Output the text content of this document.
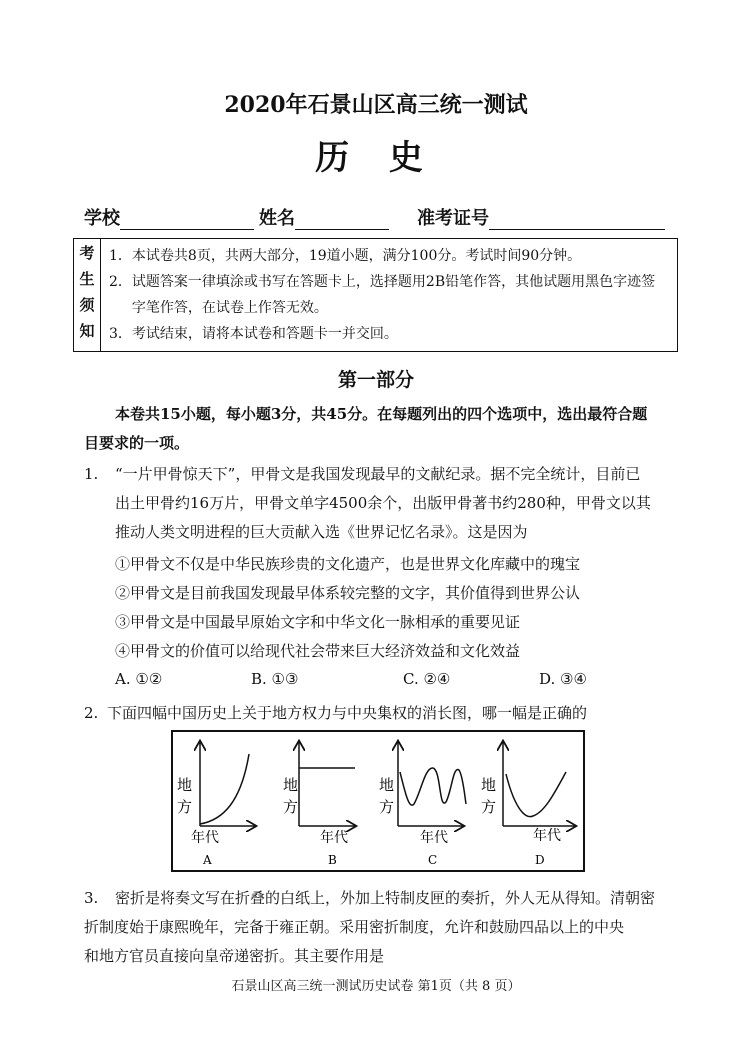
2020年石景山区高三统一测试
历 史
学校	姓名	准考证号
考
生
须
知

1． 本试卷共8页，共两大部分，19道小题，满分100分。考试时间90分钟。
2． 试题答案一律填涂或书写在答题卡上，选择题用2B铅笔作答，其他试题用黑色字迹签字笔作答，在试卷上作答无效。
3． 考试结束，请将本试卷和答题卡一并交回。
第一部分
本卷共15小题，每小题3分，共45分。在每题列出的四个选项中，选出最符合题
目要求的一项。
1. “一片甲骨惊天下”，甲骨文是我国发现最早的文献纪录。据不完全统计，目前已
出土甲骨约16万片，甲骨文单字4500余个，出版甲骨著书约280种，甲骨文以其
推动人类文明进程的巨大贡献入选《世界记忆名录》。这是因为
①甲骨文不仅是中华民族珍贵的文化遗产，也是世界文化库藏中的瑰宝
②甲骨文是目前我国发现最早体系较完整的文字，其价值得到世界公认
③甲骨文是中国最早原始文字和中华文化一脉相承的重要见证
④甲骨文的价值可以给现代社会带来巨大经济效益和文化效益
A. ①②	B. ①③	C. ②④	D. ③④
2. 下面四幅中国历史上关于地方权力与中央集权的消长图，哪一幅是正确的
地
方
年代
A
地
方
年代
B
地
方
年代
C
地
方
年代
D
3. 密折是将奏文写在折叠的白纸上，外加上特制皮匣的奏折，外人无从得知。清朝密
折制度始于康熙晚年，完备于雍正朝。采用密折制度，允许和鼓励四品以上的中央
和地方官员直接向皇帝递密折。其主要作用是
石景山区高三统一测试历史试卷 第1页（共 8 页）
